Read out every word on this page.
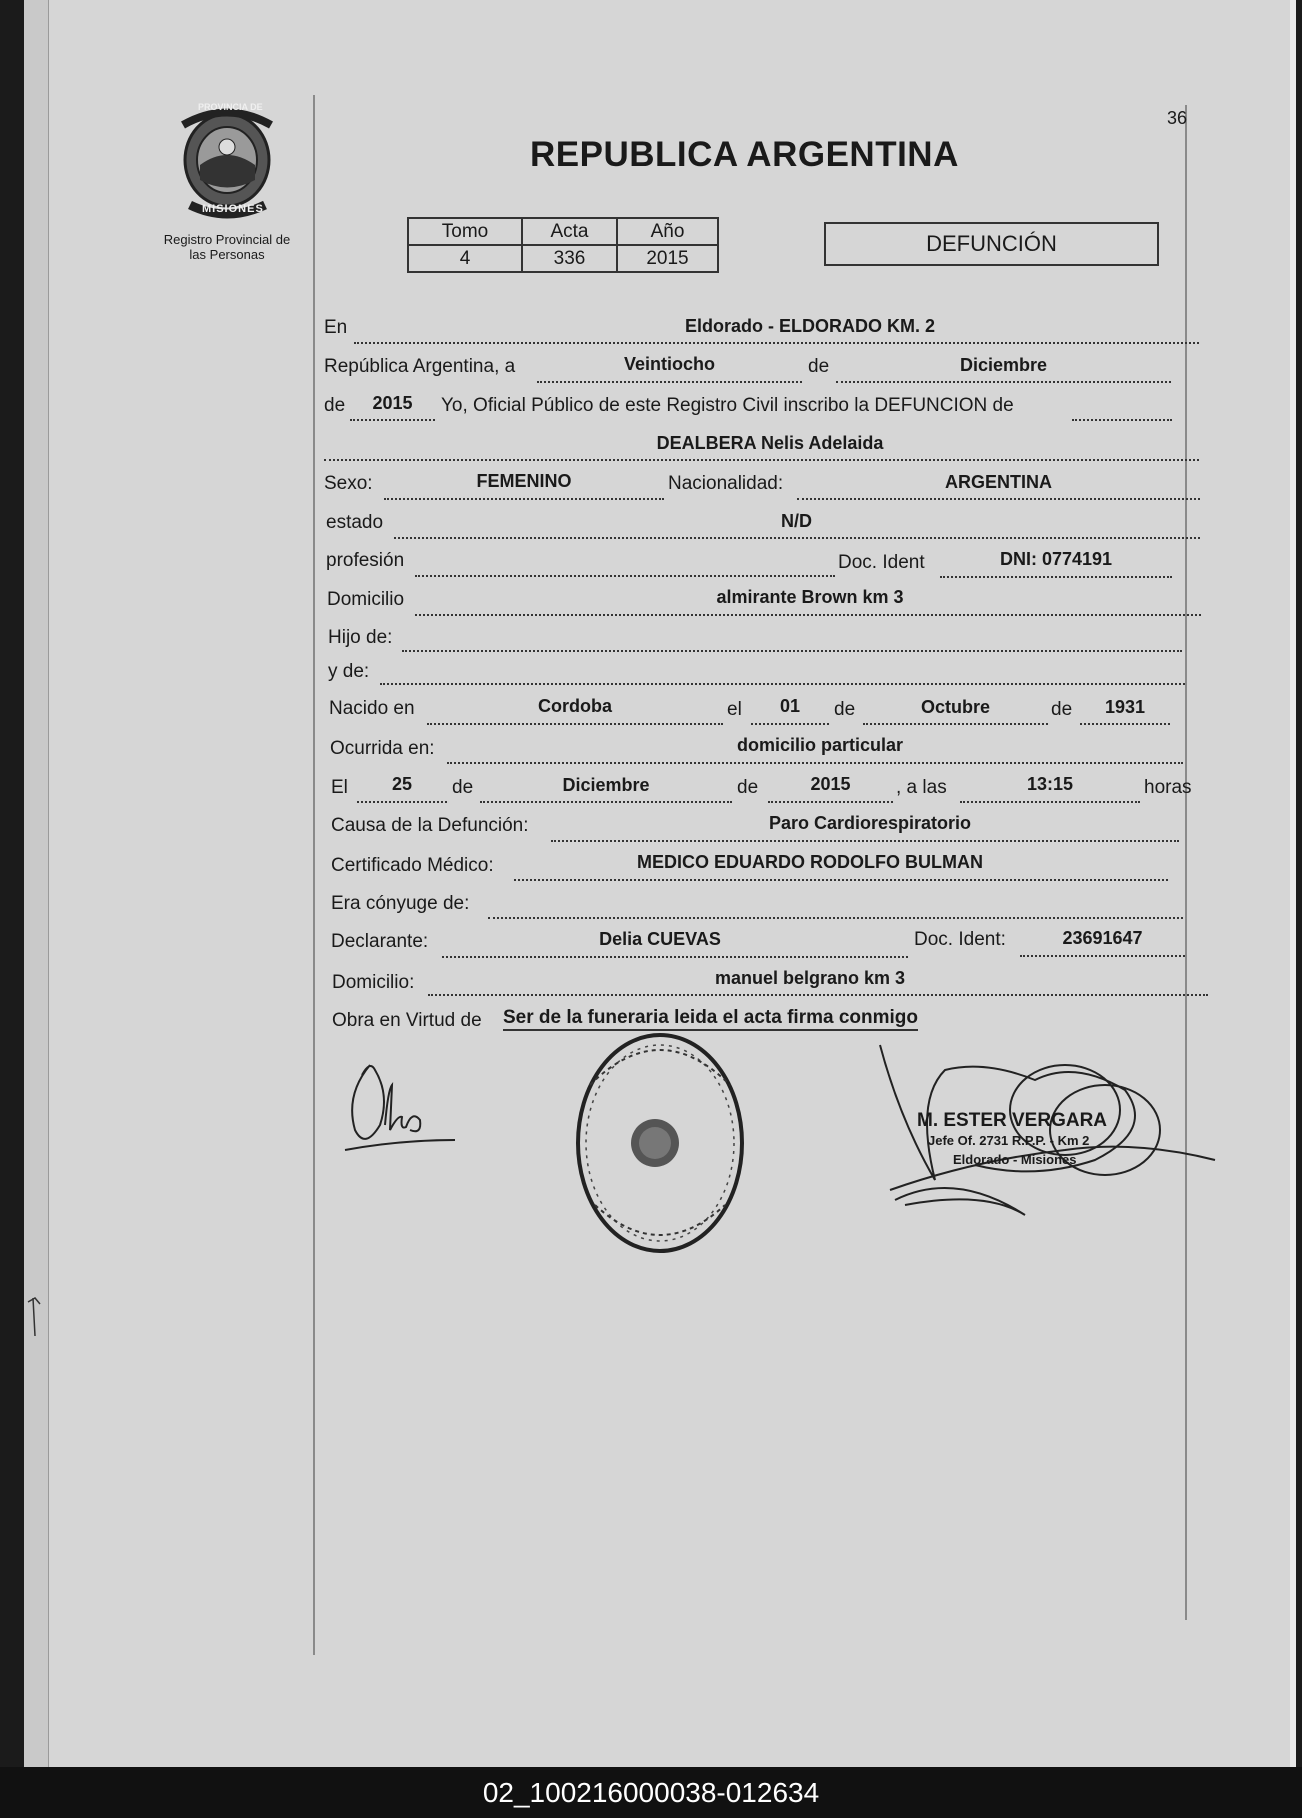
PROVINCIA DE
MISIONES
Registro Provincial de
las Personas
36
REPUBLICA ARGENTINA
Tomo	Acta	Año
4	336	2015
DEFUNCIÓN
En	Eldorado - ELDORADO KM. 2
República Argentina, a	Veintiocho	de	Diciembre
de	2015	Yo, Oficial Público de este Registro Civil inscribo la DEFUNCION de
DEALBERA Nelis Adelaida
Sexo:	FEMENINO	Nacionalidad:	ARGENTINA
estado	N/D
profesión	Doc. Ident	DNI: 0774191
Domicilio	almirante Brown km 3
Hijo de:
y de:
Nacido en	Cordoba	el	01	de	Octubre	de	1931
Ocurrida en:	domicilio particular
El	25	de	Diciembre	de	2015	, a las	13:15	horas
Causa de la Defunción:	Paro Cardiorespiratorio
Certificado Médico:	MEDICO EDUARDO RODOLFO BULMAN
Era cónyuge de:
Declarante:	Delia CUEVAS	Doc. Ident:	23691647
Domicilio:	manuel belgrano km 3
Obra en Virtud de Ser de la funeraria leida el acta firma conmigo
M. ESTER VERGARA
Jefe Of. 2731 R.P.P. - Km 2
Eldorado - Misiones
02_100216000038-012634
